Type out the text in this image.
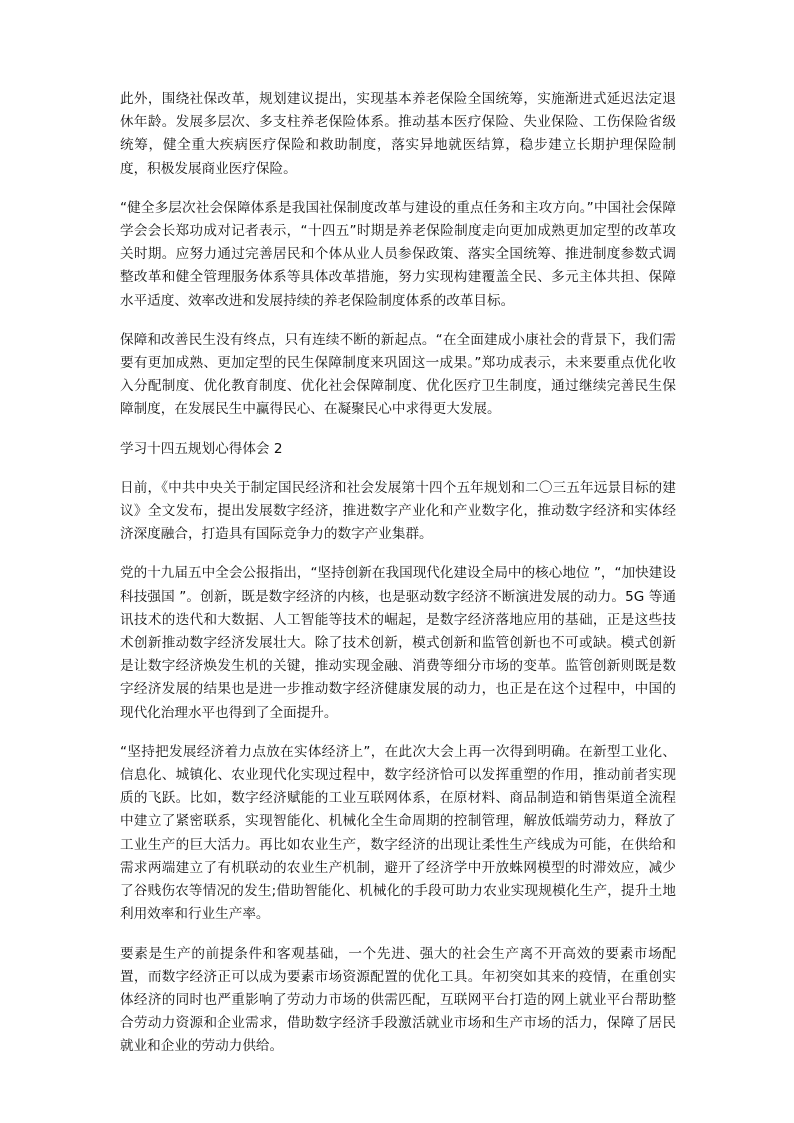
此外，围绕社保改革，规划建议提出，实现基本养老保险全国统筹，实施渐进式延迟法定退休年龄。发展多层次、多支柱养老保险体系。推动基本医疗保险、失业保险、工伤保险省级统筹，健全重大疾病医疗保险和救助制度，落实异地就医结算，稳步建立长期护理保险制度，积极发展商业医疗保险。

“健全多层次社会保障体系是我国社保制度改革与建设的重点任务和主攻方向。”中国社会保障学会会长郑功成对记者表示，“十四五”时期是养老保险制度走向更加成熟更加定型的改革攻关时期。应努力通过完善居民和个体从业人员参保政策、落实全国统筹、推进制度参数式调整改革和健全管理服务体系等具体改革措施，努力实现构建覆盖全民、多元主体共担、保障水平适度、效率改进和发展持续的养老保险制度体系的改革目标。

保障和改善民生没有终点，只有连续不断的新起点。“在全面建成小康社会的背景下，我们需要有更加成熟、更加定型的民生保障制度来巩固这一成果。”郑功成表示，未来要重点优化收入分配制度、优化教育制度、优化社会保障制度、优化医疗卫生制度，通过继续完善民生保障制度，在发展民生中赢得民心、在凝聚民心中求得更大发展。

学习十四五规划心得体会 2

日前，《中共中央关于制定国民经济和社会发展第十四个五年规划和二〇三五年远景目标的建议》全文发布，提出发展数字经济，推进数字产业化和产业数字化，推动数字经济和实体经济深度融合，打造具有国际竞争力的数字产业集群。

党的十九届五中全会公报指出，“坚持创新在我国现代化建设全局中的核心地位 ”，“加快建设科技强国 ”。创新，既是数字经济的内核，也是驱动数字经济不断演进发展的动力。5G 等通讯技术的迭代和大数据、人工智能等技术的崛起，是数字经济落地应用的基础，正是这些技术创新推动数字经济发展壮大。除了技术创新，模式创新和监管创新也不可或缺。模式创新是让数字经济焕发生机的关键，推动实现金融、消费等细分市场的变革。监管创新则既是数字经济发展的结果也是进一步推动数字经济健康发展的动力，也正是在这个过程中，中国的现代化治理水平也得到了全面提升。

“坚持把发展经济着力点放在实体经济上”，在此次大会上再一次得到明确。在新型工业化、信息化、城镇化、农业现代化实现过程中，数字经济恰可以发挥重塑的作用，推动前者实现质的飞跃。比如，数字经济赋能的工业互联网体系，在原材料、商品制造和销售渠道全流程中建立了紧密联系，实现智能化、机械化全生命周期的控制管理，解放低端劳动力，释放了工业生产的巨大活力。再比如农业生产，数字经济的出现让柔性生产线成为可能，在供给和需求两端建立了有机联动的农业生产机制，避开了经济学中开放蛛网模型的时滞效应，减少了谷贱伤农等情况的发生;借助智能化、机械化的手段可助力农业实现规模化生产，提升土地利用效率和行业生产率。

要素是生产的前提条件和客观基础，一个先进、强大的社会生产离不开高效的要素市场配置，而数字经济正可以成为要素市场资源配置的优化工具。年初突如其来的疫情，在重创实体经济的同时也严重影响了劳动力市场的供需匹配，互联网平台打造的网上就业平台帮助整合劳动力资源和企业需求，借助数字经济手段激活就业市场和生产市场的活力，保障了居民就业和企业的劳动力供给。
